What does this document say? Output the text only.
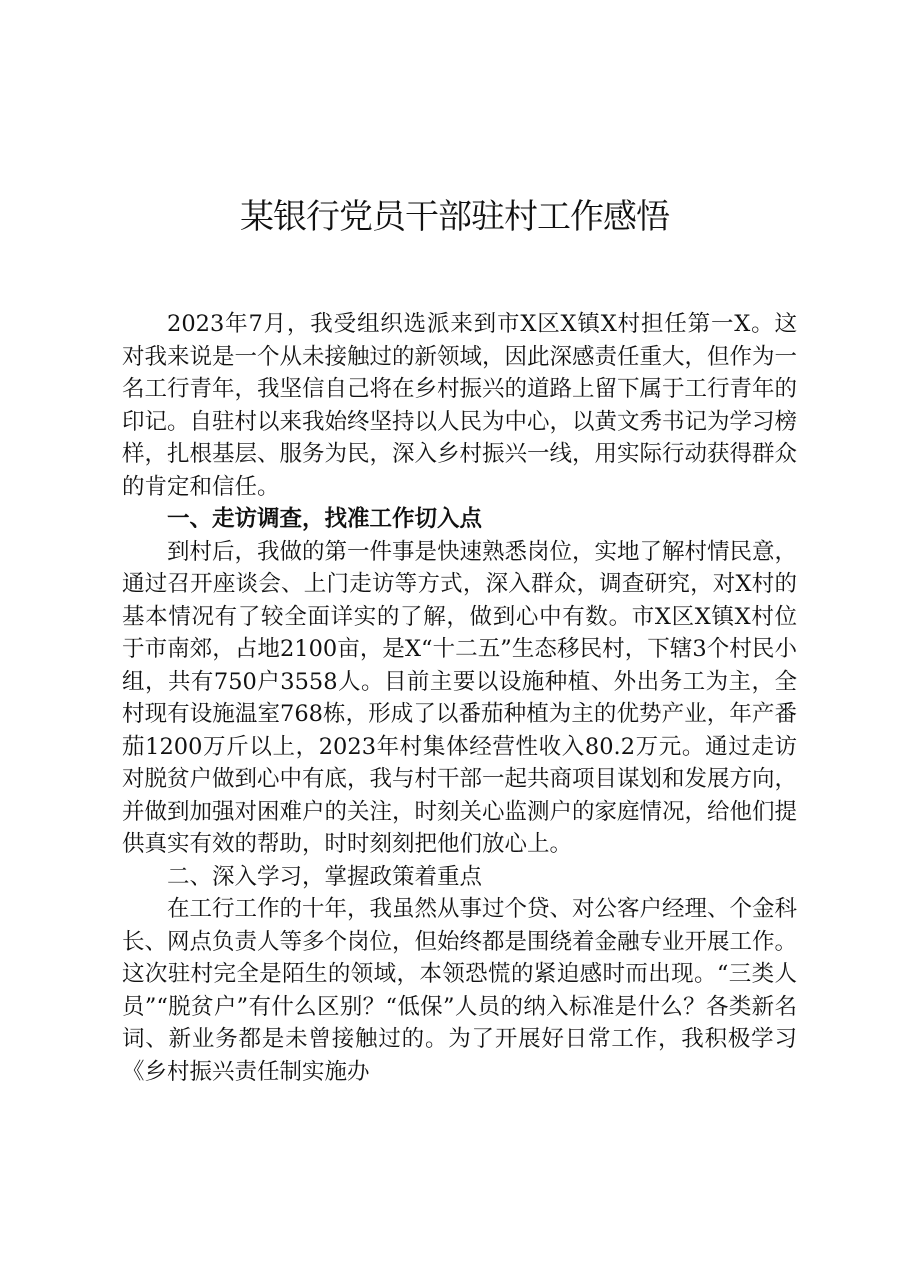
某银行党员干部驻村工作感悟

2023年7月，我受组织选派来到市X区X镇X村担任第一X。这对我来说是一个从未接触过的新领域，因此深感责任重大，但作为一名工行青年，我坚信自己将在乡村振兴的道路上留下属于工行青年的印记。自驻村以来我始终坚持以人民为中心，以黄文秀书记为学习榜样，扎根基层、服务为民，深入乡村振兴一线，用实际行动获得群众的肯定和信任。

一、走访调查，找准工作切入点

到村后，我做的第一件事是快速熟悉岗位，实地了解村情民意，通过召开座谈会、上门走访等方式，深入群众，调查研究，对X村的基本情况有了较全面详实的了解，做到心中有数。市X区X镇X村位于市南郊，占地2100亩，是X“十二五”生态移民村，下辖3个村民小组，共有750户3558人。目前主要以设施种植、外出务工为主，全村现有设施温室768栋，形成了以番茄种植为主的优势产业，年产番茄1200万斤以上，2023年村集体经营性收入80.2万元。通过走访对脱贫户做到心中有底，我与村干部一起共商项目谋划和发展方向，并做到加强对困难户的关注，时刻关心监测户的家庭情况，给他们提供真实有效的帮助，时时刻刻把他们放心上。

二、深入学习，掌握政策着重点

在工行工作的十年，我虽然从事过个贷、对公客户经理、个金科长、网点负责人等多个岗位，但始终都是围绕着金融专业开展工作。这次驻村完全是陌生的领域，本领恐慌的紧迫感时而出现。“三类人员”“脱贫户”有什么区别？“低保”人员的纳入标准是什么？各类新名词、新业务都是未曾接触过的。为了开展好日常工作，我积极学习《乡村振兴责任制实施办
